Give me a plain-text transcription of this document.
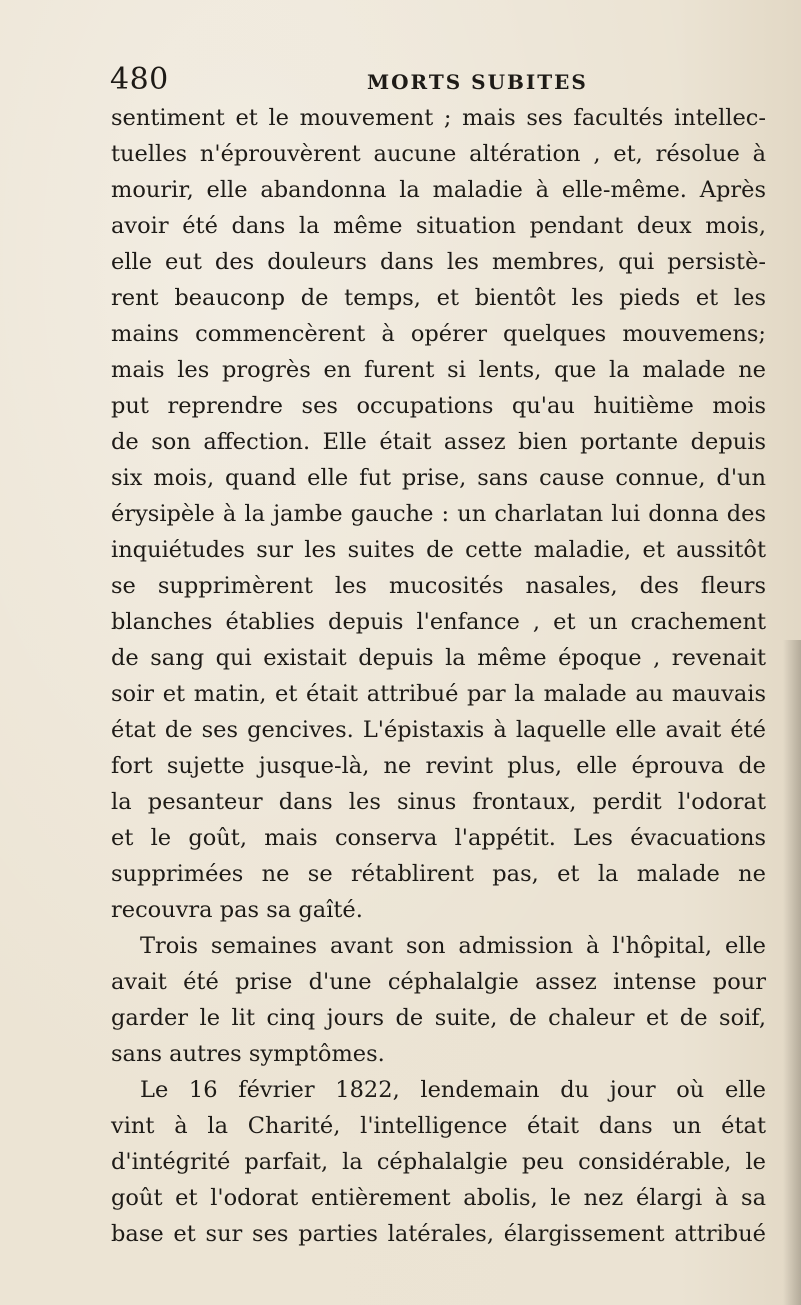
480	MORTS SUBITES
sentiment et le mouvement ; mais ses facultés intellec-
tuelles n'éprouvèrent aucune altération , et, résolue à
mourir, elle abandonna la maladie à elle-même. Après
avoir été dans la même situation pendant deux mois,
elle eut des douleurs dans les membres, qui persistè-
rent beauconp de temps, et bientôt les pieds et les
mains commencèrent à opérer quelques mouvemens;
mais les progrès en furent si lents, que la malade ne
put reprendre ses occupations qu'au huitième mois
de son affection. Elle était assez bien portante depuis
six mois, quand elle fut prise, sans cause connue, d'un
érysipèle à la jambe gauche : un charlatan lui donna des
inquiétudes sur les suites de cette maladie, et aussitôt
se supprimèrent les mucosités nasales, des fleurs
blanches établies depuis l'enfance , et un crachement
de sang qui existait depuis la même époque , revenait
soir et matin, et était attribué par la malade au mauvais
état de ses gencives. L'épistaxis à laquelle elle avait été
fort sujette jusque-là, ne revint plus, elle éprouva de
la pesanteur dans les sinus frontaux, perdit l'odorat
et le goût, mais conserva l'appétit. Les évacuations
supprimées ne se rétablirent pas, et la malade ne
recouvra pas sa gaîté.
Trois semaines avant son admission à l'hôpital, elle
avait été prise d'une céphalalgie assez intense pour
garder le lit cinq jours de suite, de chaleur et de soif,
sans autres symptômes.
Le 16 février 1822, lendemain du jour où elle
vint à la Charité, l'intelligence était dans un état
d'intégrité parfait, la céphalalgie peu considérable, le
goût et l'odorat entièrement abolis, le nez élargi à sa
base et sur ses parties latérales, élargissement attribué
